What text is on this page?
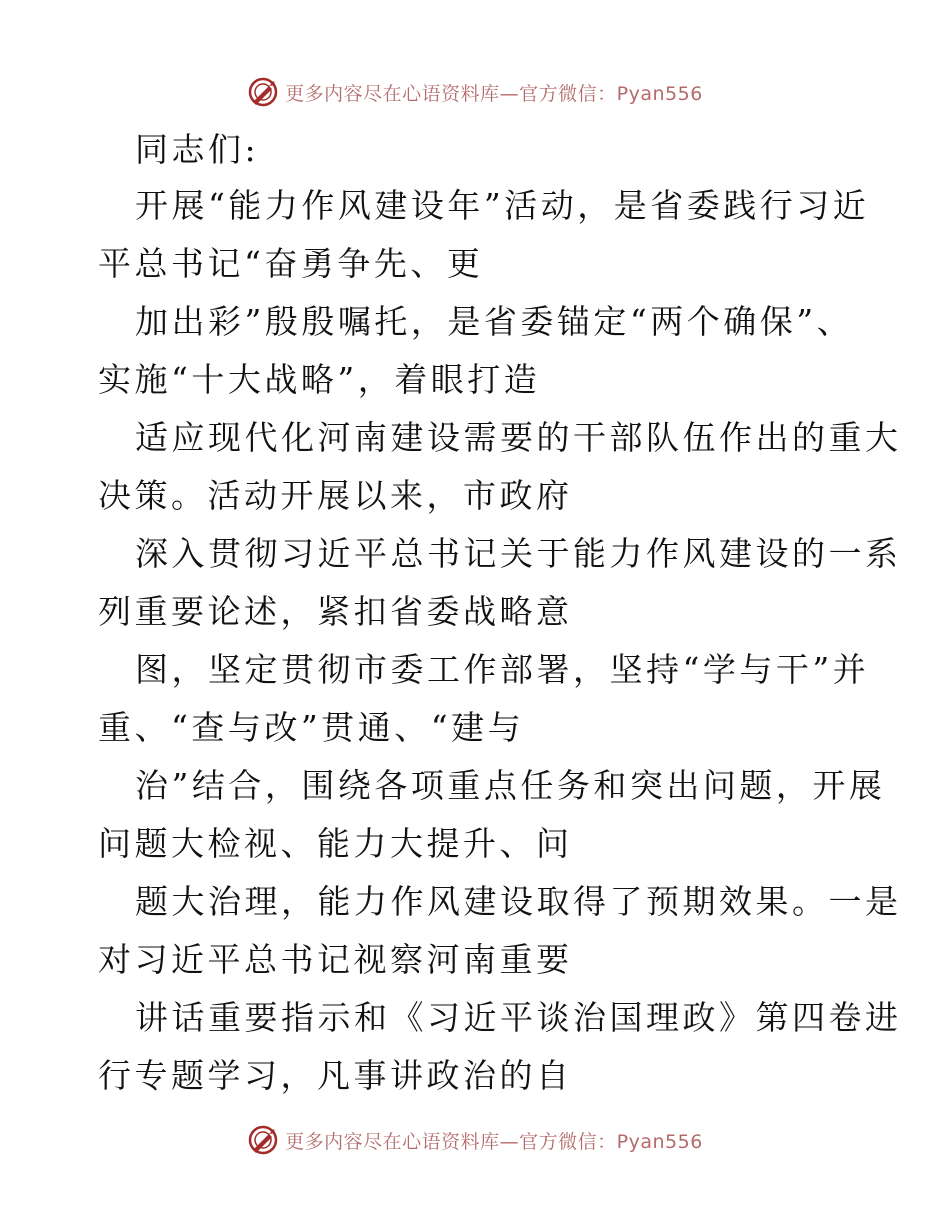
更多内容尽在心语资料库—官方微信：Pyan556
同志们:
开展“能力作风建设年”活动，是省委践行习近
平总书记“奋勇争先、更
加出彩”殷殷嘱托，是省委锚定“两个确保”、
实施“十大战略”，着眼打造
适应现代化河南建设需要的干部队伍作出的重大
决策。活动开展以来，市政府
深入贯彻习近平总书记关于能力作风建设的一系
列重要论述，紧扣省委战略意
图，坚定贯彻市委工作部署，坚持“学与干”并
重、“查与改”贯通、“建与
治”结合，围绕各项重点任务和突出问题，开展
问题大检视、能力大提升、问
题大治理，能力作风建设取得了预期效果。一是
对习近平总书记视察河南重要
讲话重要指示和《习近平谈治国理政》第四卷进
行专题学习，凡事讲政治的自
更多内容尽在心语资料库—官方微信：Pyan556
